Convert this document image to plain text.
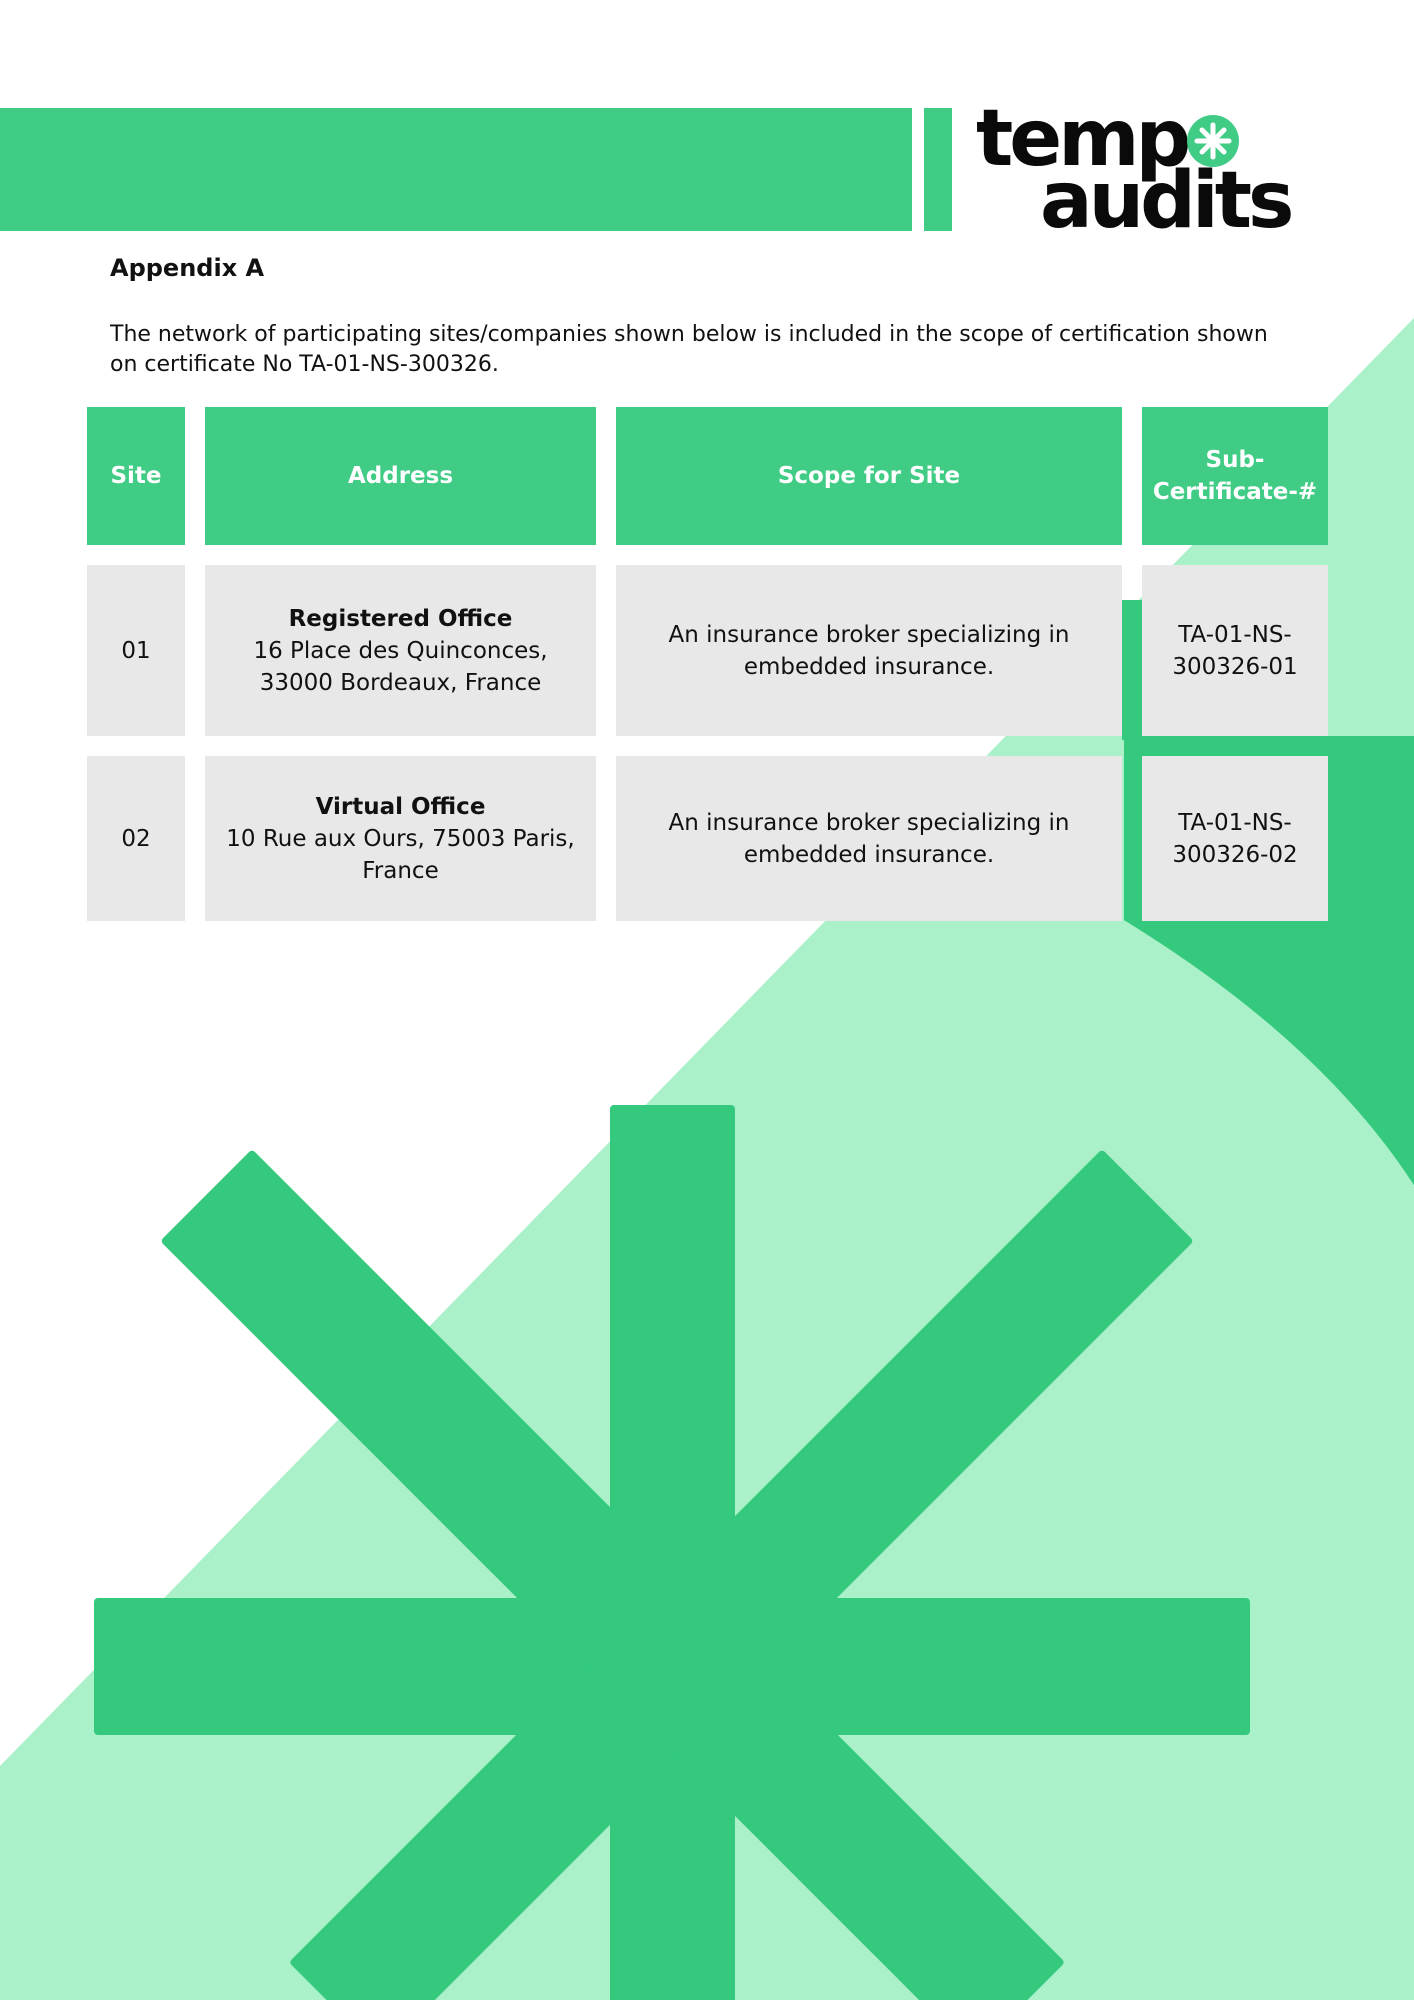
temp
audits
Appendix A

The network of participating sites/companies shown below is included in the scope of certification shown on certificate No TA-01-NS-300326.

Site	Address	Scope for Site
Sub-Certificate-#
01
Registered Office
16 Place des Quinconces, 33000 Bordeaux, France
An insurance broker specializing in embedded insurance.
TA-01-NS-300326-01
02
Virtual Office
10 Rue aux Ours, 75003 Paris, France
An insurance broker specializing in embedded insurance.
TA-01-NS-300326-02
